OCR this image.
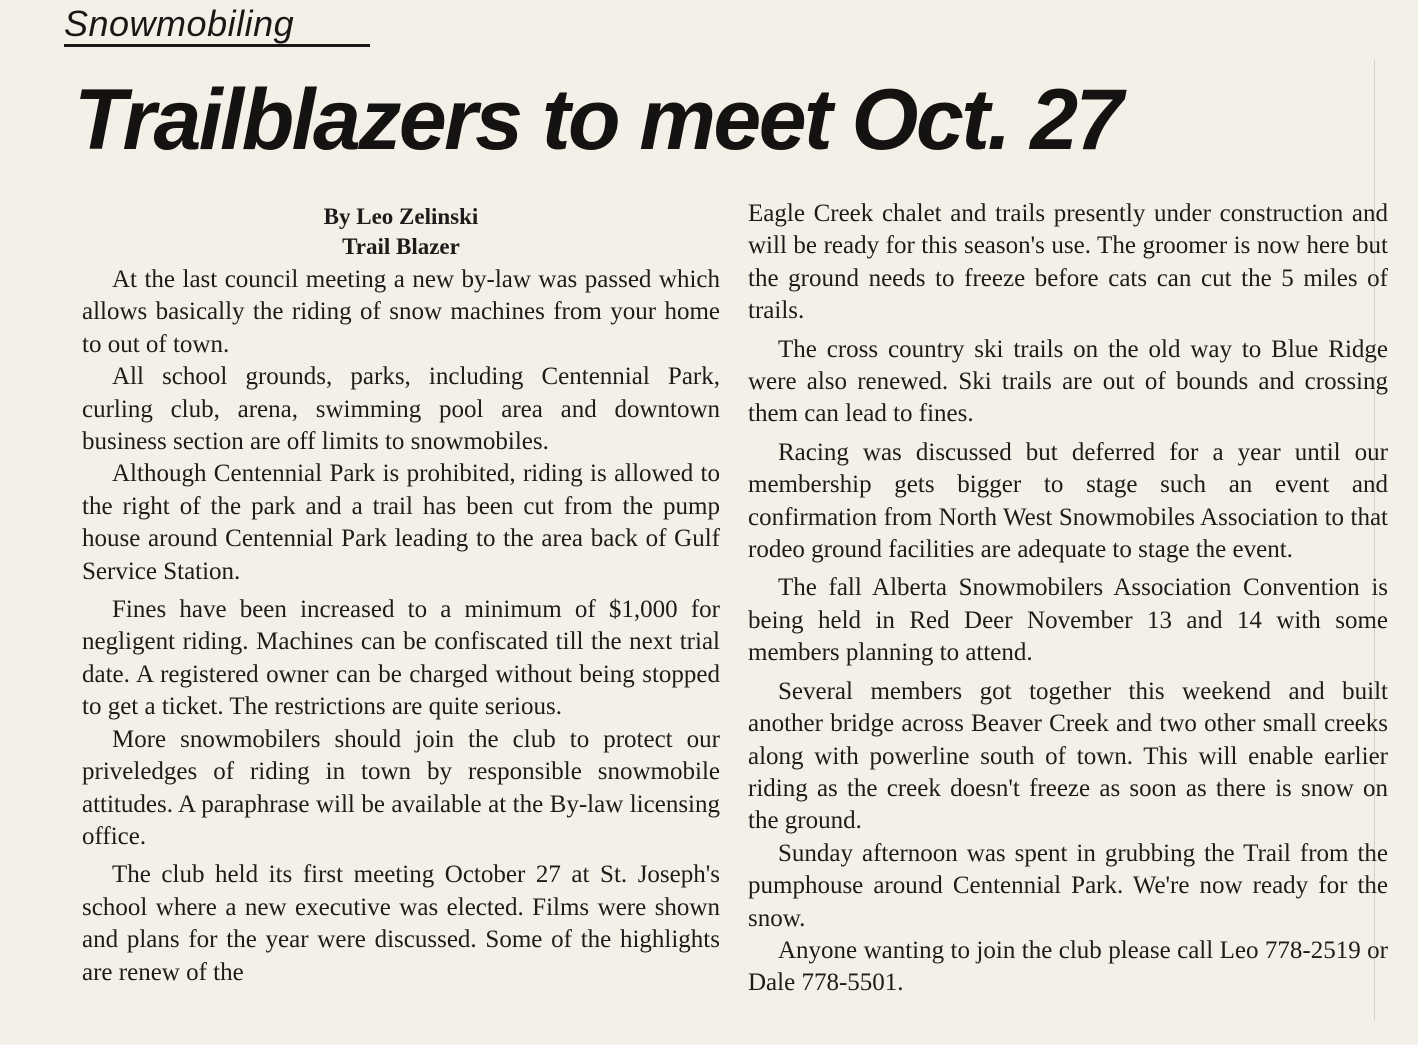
Snowmobiling
Trailblazers to meet Oct. 27
By Leo Zelinski
Trail Blazer

At the last council meeting a new by-law was passed which allows basically the riding of snow machines from your home to out of town.

All school grounds, parks, including Centennial Park, curling club, arena, swimming pool area and downtown business section are off limits to snowmobiles.

Although Centennial Park is prohibited, riding is allowed to the right of the park and a trail has been cut from the pump house around Centennial Park leading to the area back of Gulf Service Station.

Fines have been increased to a minimum of $1,000 for negligent riding. Machines can be confiscated till the next trial date. A registered owner can be charged without being stopped to get a ticket. The restrictions are quite serious.

More snowmobilers should join the club to protect our priveledges of riding in town by responsible snowmobile attitudes. A paraphrase will be available at the By-law licensing office.

The club held its first meeting October 27 at St. Joseph's school where a new executive was elected. Films were shown and plans for the year were discussed. Some of the highlights are renew of the

Eagle Creek chalet and trails presently under construction and will be ready for this season's use. The groomer is now here but the ground needs to freeze before cats can cut the 5 miles of trails.

The cross country ski trails on the old way to Blue Ridge were also renewed. Ski trails are out of bounds and crossing them can lead to fines.

Racing was discussed but deferred for a year until our membership gets bigger to stage such an event and confirmation from North West Snowmobiles Association to that rodeo ground facilities are adequate to stage the event.

The fall Alberta Snowmobilers Association Convention is being held in Red Deer November 13 and 14 with some members planning to attend.

Several members got together this weekend and built another bridge across Beaver Creek and two other small creeks along with powerline south of town. This will enable earlier riding as the creek doesn't freeze as soon as there is snow on the ground.

Sunday afternoon was spent in grubbing the Trail from the pumphouse around Centennial Park. We're now ready for the snow.

Anyone wanting to join the club please call Leo 778-2519 or Dale 778-5501.
